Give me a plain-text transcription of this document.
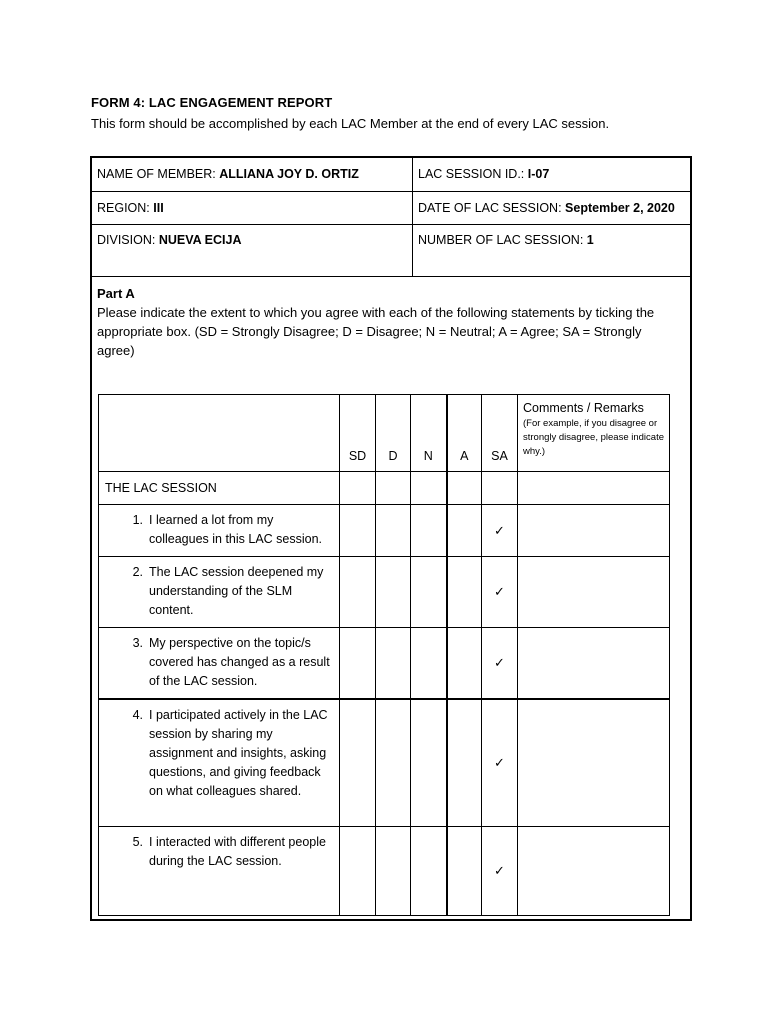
FORM 4: LAC ENGAGEMENT REPORT
This form should be accomplished by each LAC Member at the end of every LAC session.
NAME OF MEMBER: ALLIANA JOY D. ORTIZ	LAC SESSION ID.: I-07
REGION: III	DATE OF LAC SESSION: September 2, 2020
DIVISION: NUEVA ECIJA	NUMBER OF LAC SESSION: 1
Part A
Please indicate the extent to which you agree with each of the following statements by ticking the appropriate box. (SD = Strongly Disagree; D = Disagree; N = Neutral; A = Agree; SA = Strongly agree)
	SD	D	N	A	SA	Comments / Remarks
(For example, if you disagree or strongly disagree, please indicate why.)

THE LAC SESSION						

1. I learned a lot from my colleagues in this LAC session.					✓	

2. The LAC session deepened my understanding of the SLM content.					✓	

3. My perspective on the topic/s covered has changed as a result of the LAC session.					✓	

4. I participated actively in the LAC session by sharing my assignment and insights, asking questions, and giving feedback on what colleagues shared.					✓	

5. I interacted with different people during the LAC session.					✓	
